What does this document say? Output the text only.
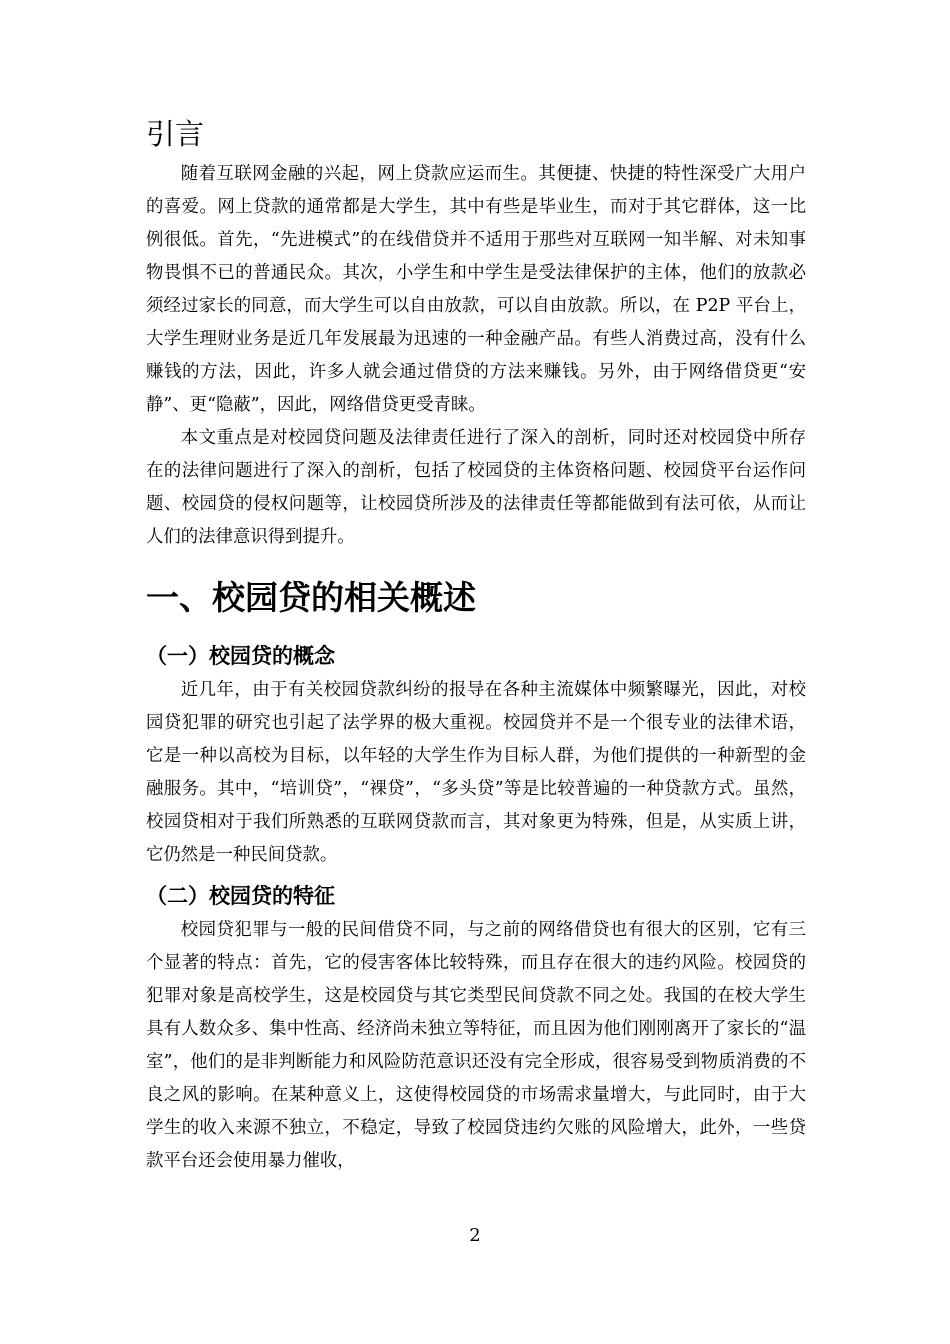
引言

随着互联网金融的兴起，网上贷款应运而生。其便捷、快捷的特性深受广大用户的喜爱。网上贷款的通常都是大学生，其中有些是毕业生，而对于其它群体，这一比例很低。首先，“先进模式”的在线借贷并不适用于那些对互联网一知半解、对未知事物畏惧不已的普通民众。其次，小学生和中学生是受法律保护的主体，他们的放款必须经过家长的同意，而大学生可以自由放款，可以自由放款。所以，在 P2P 平台上，大学生理财业务是近几年发展最为迅速的一种金融产品。有些人消费过高，没有什么赚钱的方法，因此，许多人就会通过借贷的方法来赚钱。另外，由于网络借贷更“安静”、更“隐蔽”，因此，网络借贷更受青睐。

本文重点是对校园贷问题及法律责任进行了深入的剖析，同时还对校园贷中所存在的法律问题进行了深入的剖析，包括了校园贷的主体资格问题、校园贷平台运作问题、校园贷的侵权问题等，让校园贷所涉及的法律责任等都能做到有法可依，从而让人们的法律意识得到提升。

一、校园贷的相关概述
（一）校园贷的概念

近几年，由于有关校园贷款纠纷的报导在各种主流媒体中频繁曝光，因此，对校园贷犯罪的研究也引起了法学界的极大重视。校园贷并不是一个很专业的法律术语，它是一种以高校为目标，以年轻的大学生作为目标人群，为他们提供的一种新型的金融服务。其中，“培训贷”，“裸贷”，“多头贷”等是比较普遍的一种贷款方式。虽然，校园贷相对于我们所熟悉的互联网贷款而言，其对象更为特殊，但是，从实质上讲，它仍然是一种民间贷款。

（二）校园贷的特征

校园贷犯罪与一般的民间借贷不同，与之前的网络借贷也有很大的区别，它有三个显著的特点：首先，它的侵害客体比较特殊，而且存在很大的违约风险。校园贷的犯罪对象是高校学生，这是校园贷与其它类型民间贷款不同之处。我国的在校大学生具有人数众多、集中性高、经济尚未独立等特征，而且因为他们刚刚离开了家长的“温室”，他们的是非判断能力和风险防范意识还没有完全形成，很容易受到物质消费的不良之风的影响。在某种意义上，这使得校园贷的市场需求量增大，与此同时，由于大学生的收入来源不独立，不稳定，导致了校园贷违约欠账的风险增大，此外，一些贷款平台还会使用暴力催收，

2
